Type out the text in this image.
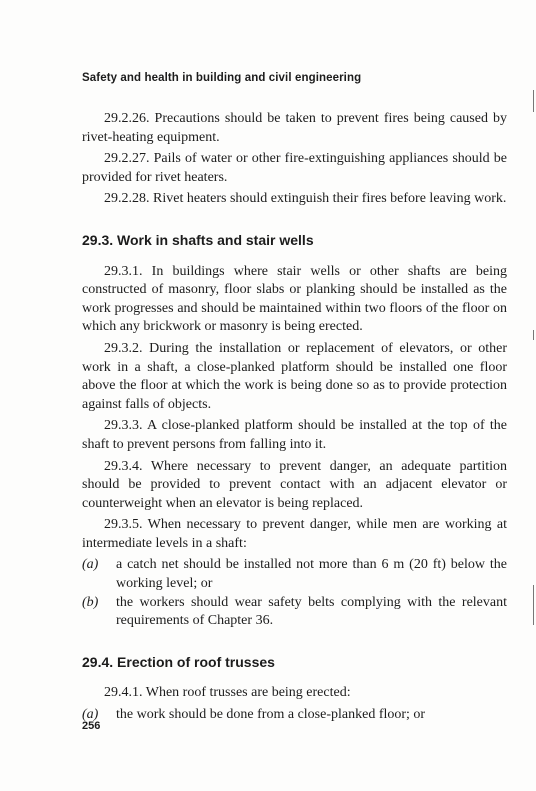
Safety and health in building and civil engineering

29.2.26. Precautions should be taken to prevent fires being caused by rivet-heating equipment.

29.2.27. Pails of water or other fire-extinguishing appliances should be provided for rivet heaters.

29.2.28. Rivet heaters should extinguish their fires before leaving work.

29.3. Work in shafts and stair wells

29.3.1. In buildings where stair wells or other shafts are being constructed of masonry, floor slabs or planking should be installed as the work progresses and should be maintained within two floors of the floor on which any brickwork or masonry is being erected.

29.3.2. During the installation or replacement of elevators, or other work in a shaft, a close-planked platform should be installed one floor above the floor at which the work is being done so as to provide protection against falls of objects.

29.3.3. A close-planked platform should be installed at the top of the shaft to prevent persons from falling into it.

29.3.4. Where necessary to prevent danger, an adequate partition should be provided to prevent contact with an adjacent elevator or counterweight when an elevator is being replaced.

29.3.5. When necessary to prevent danger, while men are working at intermediate levels in a shaft:

(a) a catch net should be installed not more than 6 m (20 ft) below the working level; or
(b) the workers should wear safety belts complying with the relevant requirements of Chapter 36.
29.4. Erection of roof trusses

29.4.1. When roof trusses are being erected:

(a) the work should be done from a close-planked floor; or
256
